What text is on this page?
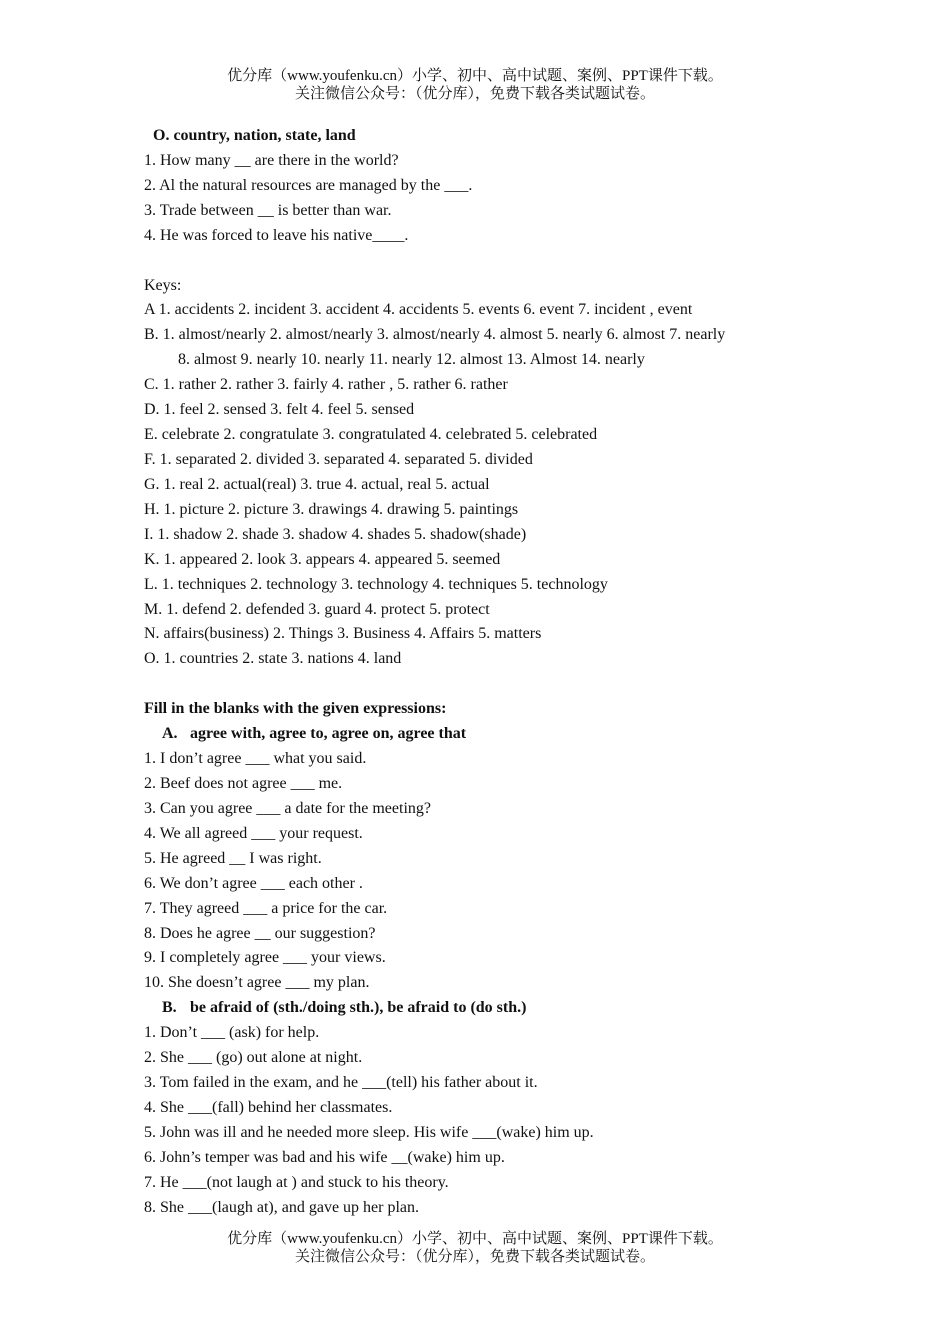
优分库（www.youfenku.cn）小学、初中、高中试题、案例、PPT课件下载。
关注微信公众号：（优分库），免费下载各类试题试卷。
O. country, nation, state, land
1. How many __ are there in the world?
2. Al the natural resources are managed by the ___.
3. Trade between __ is better than war.
4. He was forced to leave his native____.
Keys:
A 1. accidents 2. incident 3. accident 4. accidents 5. events 6. event 7. incident , event
B. 1. almost/nearly 2. almost/nearly 3. almost/nearly 4. almost 5. nearly 6. almost 7. nearly
8. almost 9. nearly 10. nearly 11. nearly 12. almost 13. Almost 14. nearly
C. 1. rather 2. rather 3. fairly 4. rather , 5. rather 6. rather
D. 1. feel 2. sensed 3. felt 4. feel 5. sensed
E. celebrate 2. congratulate 3. congratulated 4. celebrated 5. celebrated
F. 1. separated 2. divided 3. separated 4. separated 5. divided
G. 1. real 2. actual(real) 3. true 4. actual, real 5. actual
H. 1. picture 2. picture 3. drawings 4. drawing 5. paintings
I. 1. shadow 2. shade 3. shadow 4. shades 5. shadow(shade)
K. 1. appeared 2. look 3. appears 4. appeared 5. seemed
L. 1. techniques 2. technology 3. technology 4. techniques 5. technology
M. 1. defend 2. defended 3. guard 4. protect 5. protect
N. affairs(business) 2. Things 3. Business 4. Affairs 5. matters
O. 1. countries 2. state 3. nations 4. land
Fill in the blanks with the given expressions:
A. agree with, agree to, agree on, agree that
1. I don’t agree ___ what you said.
2. Beef does not agree ___ me.
3. Can you agree ___ a date for the meeting?
4. We all agreed ___ your request.
5. He agreed __ I was right.
6. We don’t agree ___ each other .
7. They agreed ___ a price for the car.
8. Does he agree __ our suggestion?
9. I completely agree ___ your views.
10. She doesn’t agree ___ my plan.
B. be afraid of (sth./doing sth.), be afraid to (do sth.)
1. Don’t ___ (ask) for help.
2. She ___ (go) out alone at night.
3. Tom failed in the exam, and he ___(tell) his father about it.
4. She ___(fall) behind her classmates.
5. John was ill and he needed more sleep. His wife ___(wake) him up.
6. John’s temper was bad and his wife __(wake) him up.
7. He ___(not laugh at ) and stuck to his theory.
8. She ___(laugh at), and gave up her plan.
优分库（www.youfenku.cn）小学、初中、高中试题、案例、PPT课件下载。
关注微信公众号：（优分库），免费下载各类试题试卷。
